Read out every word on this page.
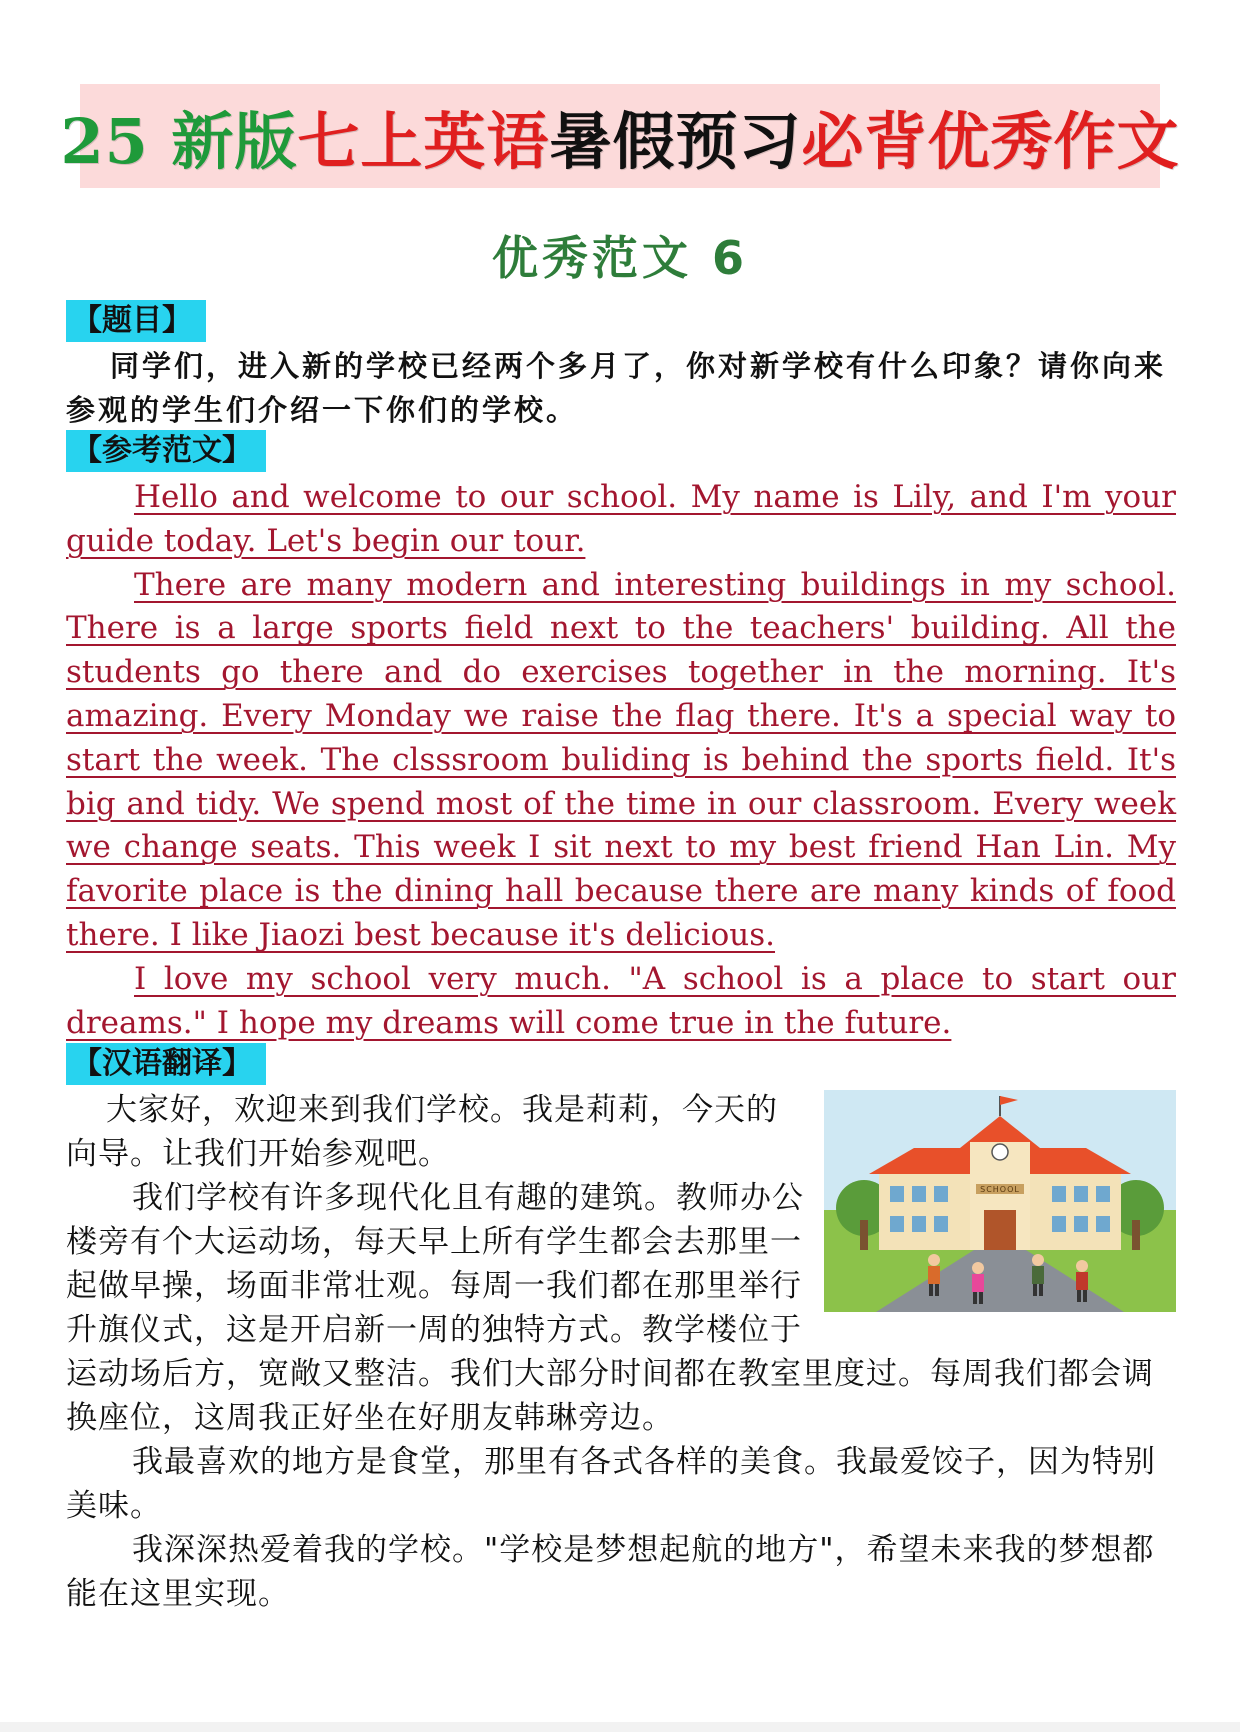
25 新版 七上英语 暑假预习 必背优秀作文
优秀范文 6
【题目】

同学们，进入新的学校已经两个多月了，你对新学校有什么印象？请你向来参观的学生们介绍一下你们的学校。

【参考范文】

Hello and welcome to our school. My name is Lily, and I'm your guide today. Let's begin our tour.

There are many modern and interesting buildings in my school. There is a large sports field next to the teachers' building. All the students go there and do exercises together in the morning. It's amazing. Every Monday we raise the flag there. It's a special way to start the week. The clsssroom buliding is behind the sports field. It's big and tidy. We spend most of the time in our classroom. Every week we change seats. This week I sit next to my best friend Han Lin. My favorite place is the dining hall because there are many kinds of food there. I like Jiaozi best because it's delicious.

I love my school very much. "A school is a place to start our dreams." I hope my dreams will come true in the future.

【汉语翻译】
SCHOOL

大家好，欢迎来到我们学校。我是莉莉，今天的向导。让我们开始参观吧。

我们学校有许多现代化且有趣的建筑。教师办公楼旁有个大运动场，每天早上所有学生都会去那里一起做早操，场面非常壮观。每周一我们都在那里举行升旗仪式，这是开启新一周的独特方式。教学楼位于运动场后方，宽敞又整洁。我们大部分时间都在教室里度过。每周我们都会调换座位，这周我正好坐在好朋友韩琳旁边。

我最喜欢的地方是食堂，那里有各式各样的美食。我最爱饺子，因为特别美味。

我深深热爱着我的学校。"学校是梦想起航的地方"，希望未来我的梦想都能在这里实现。
